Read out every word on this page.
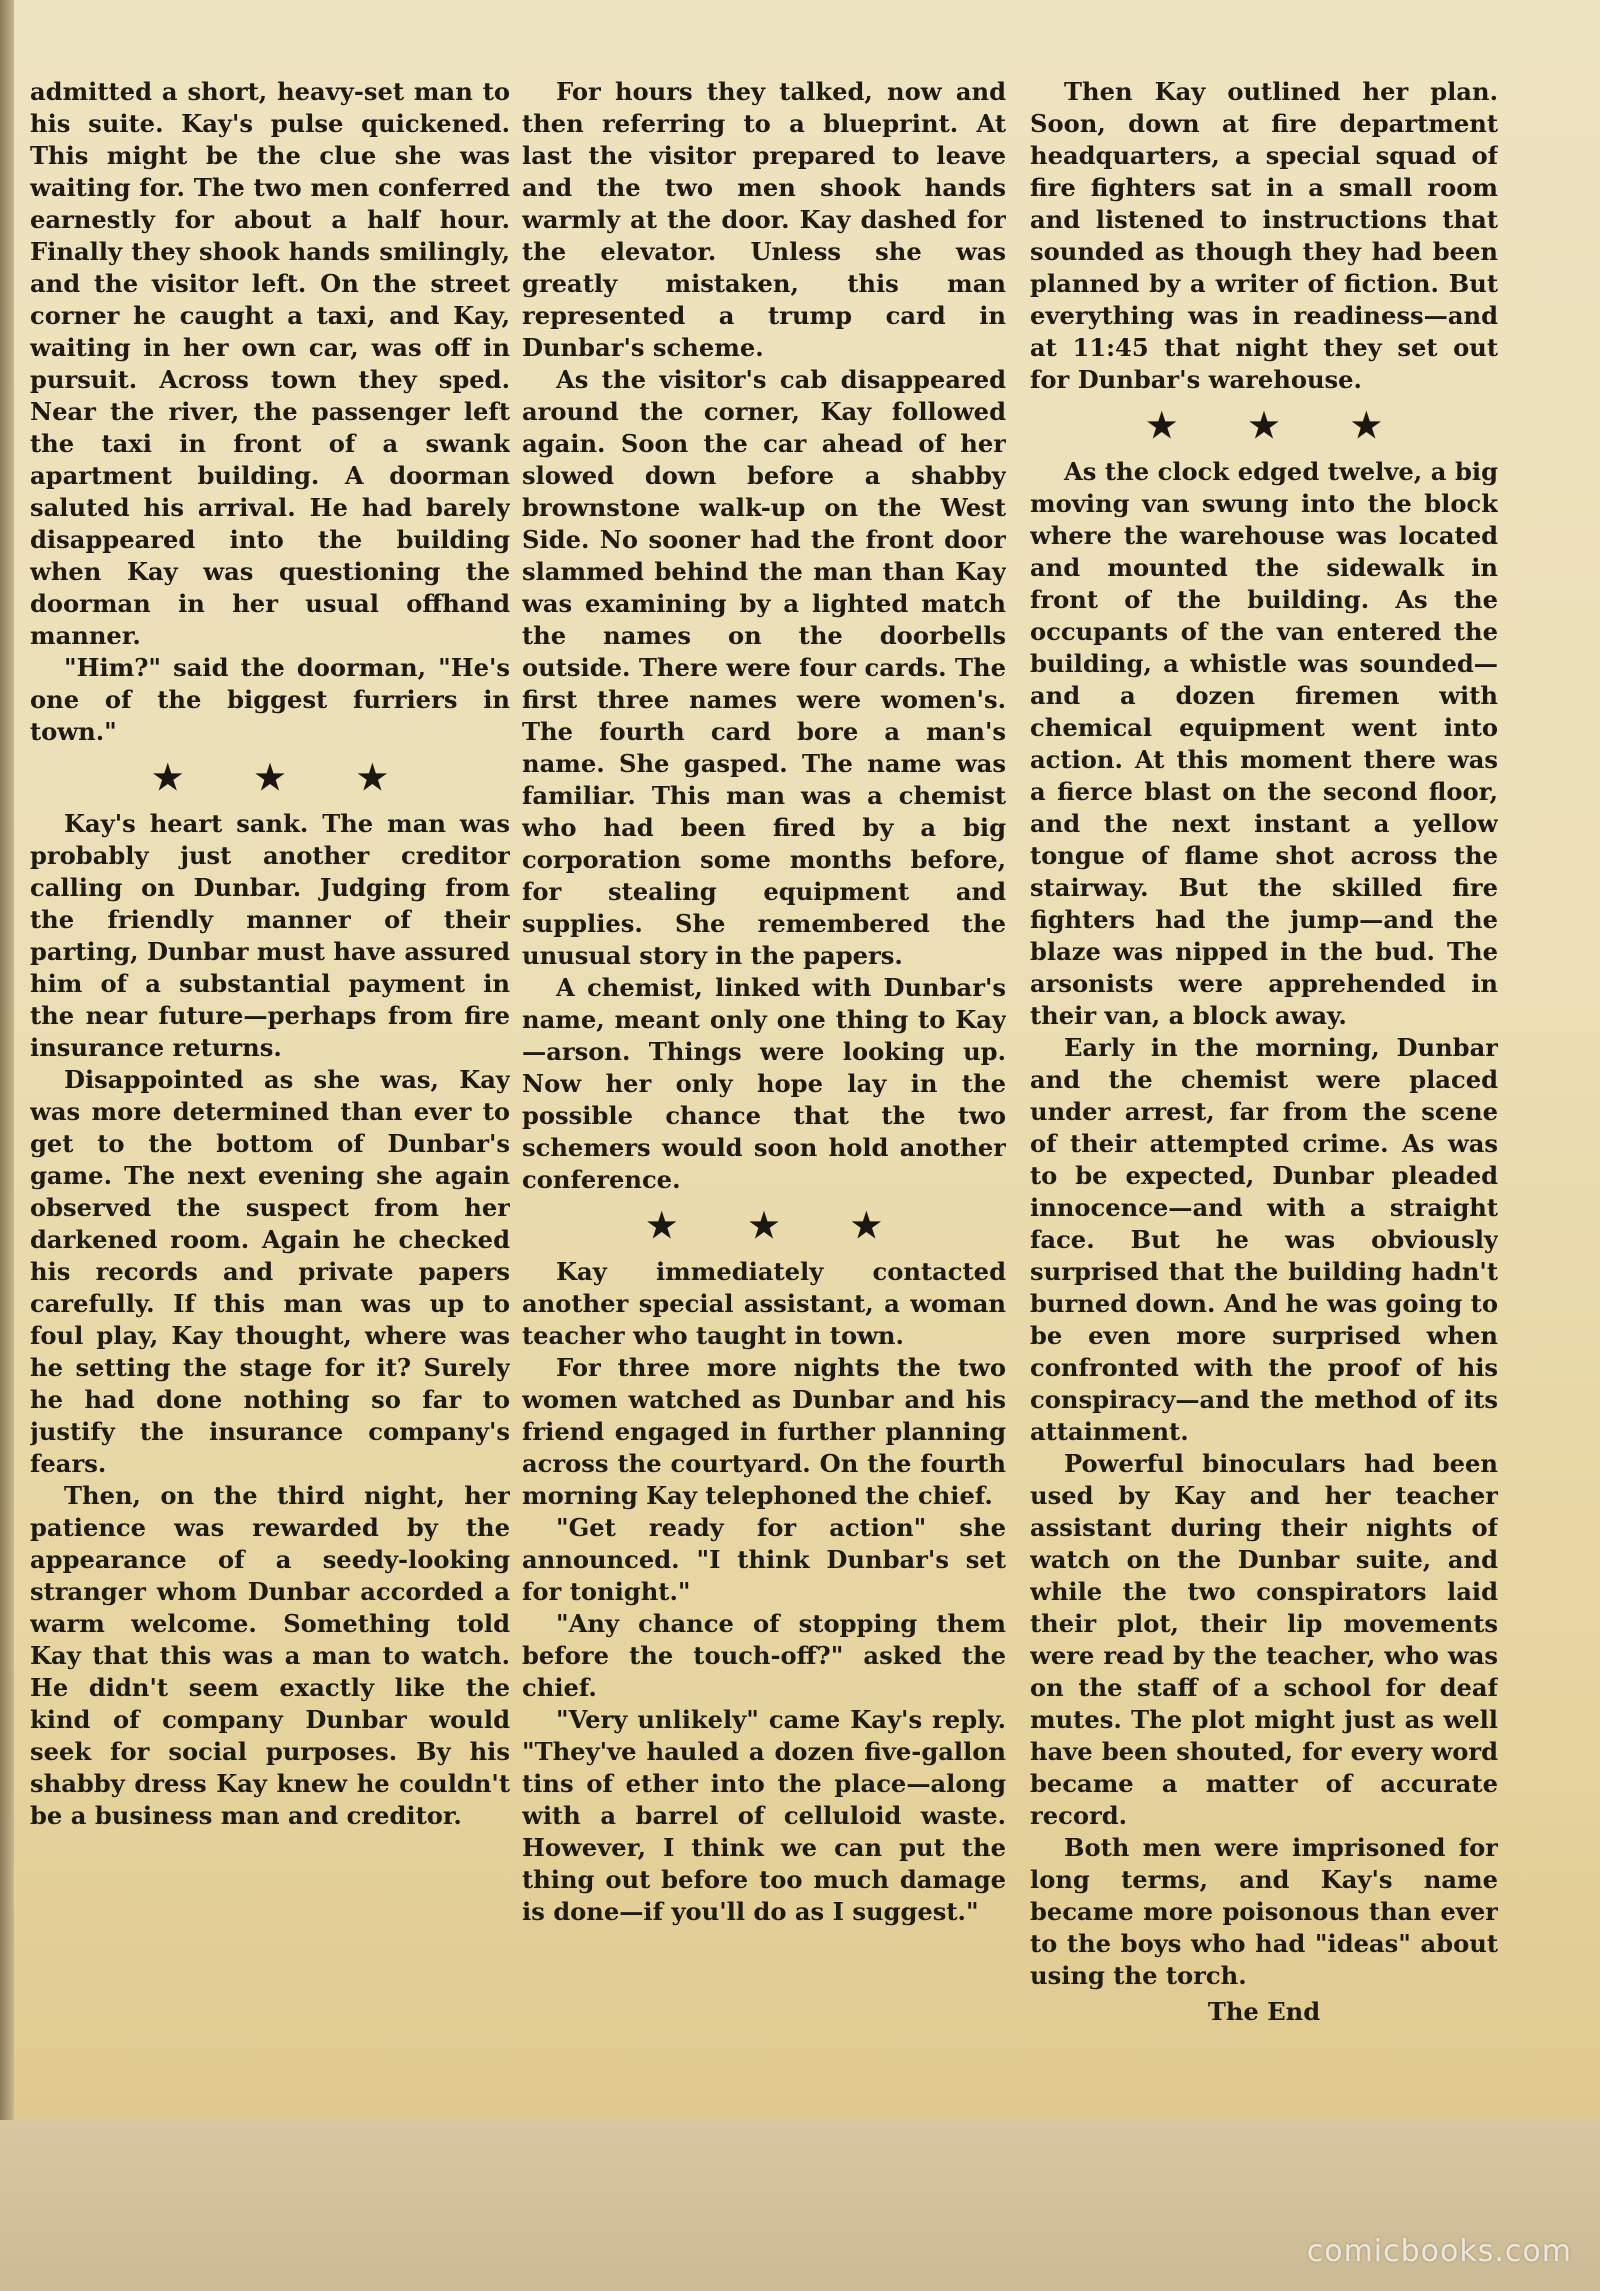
admitted a short, heavy-set man to his suite. Kay's pulse quickened. This might be the clue she was waiting for. The two men conferred earnestly for about a half hour. Finally they shook hands smilingly, and the visitor left. On the street corner he caught a taxi, and Kay, waiting in her own car, was off in pursuit. Across town they sped. Near the river, the passenger left the taxi in front of a swank apartment building. A doorman saluted his arrival. He had barely disappeared into the building when Kay was questioning the doorman in her usual offhand manner.

"Him?" said the doorman, "He's one of the biggest furriers in town."

★ ★ ★

Kay's heart sank. The man was probably just another creditor calling on Dunbar. Judging from the friendly manner of their parting, Dunbar must have assured him of a substantial payment in the near future—perhaps from fire insurance returns.

Disappointed as she was, Kay was more determined than ever to get to the bottom of Dunbar's game. The next evening she again observed the suspect from her darkened room. Again he checked his records and private papers carefully. If this man was up to foul play, Kay thought, where was he setting the stage for it? Surely he had done nothing so far to justify the insurance company's fears.

Then, on the third night, her patience was rewarded by the appearance of a seedy-looking stranger whom Dunbar accorded a warm welcome. Something told Kay that this was a man to watch. He didn't seem exactly like the kind of company Dunbar would seek for social purposes. By his shabby dress Kay knew he couldn't be a business man and creditor.

For hours they talked, now and then referring to a blueprint. At last the visitor prepared to leave and the two men shook hands warmly at the door. Kay dashed for the elevator. Unless she was greatly mistaken, this man represented a trump card in Dunbar's scheme.

As the visitor's cab disappeared around the corner, Kay followed again. Soon the car ahead of her slowed down before a shabby brownstone walk-up on the West Side. No sooner had the front door slammed behind the man than Kay was examining by a lighted match the names on the doorbells outside. There were four cards. The first three names were women's. The fourth card bore a man's name. She gasped. The name was familiar. This man was a chemist who had been fired by a big corporation some months before, for stealing equipment and supplies. She remembered the unusual story in the papers.

A chemist, linked with Dunbar's name, meant only one thing to Kay—arson. Things were looking up. Now her only hope lay in the possible chance that the two schemers would soon hold another conference.

★ ★ ★

Kay immediately contacted another special assistant, a woman teacher who taught in town.

For three more nights the two women watched as Dunbar and his friend engaged in further planning across the courtyard. On the fourth morning Kay telephoned the chief.

"Get ready for action" she announced. "I think Dunbar's set for tonight."

"Any chance of stopping them before the touch-off?" asked the chief.

"Very unlikely" came Kay's reply. "They've hauled a dozen five-gallon tins of ether into the place—along with a barrel of celluloid waste. However, I think we can put the thing out before too much damage is done—if you'll do as I suggest."

Then Kay outlined her plan. Soon, down at fire department headquarters, a special squad of fire fighters sat in a small room and listened to instructions that sounded as though they had been planned by a writer of fiction. But everything was in readiness—and at 11:45 that night they set out for Dunbar's warehouse.

★ ★ ★

As the clock edged twelve, a big moving van swung into the block where the warehouse was located and mounted the sidewalk in front of the building. As the occupants of the van entered the building, a whistle was sounded—and a dozen firemen with chemical equipment went into action. At this moment there was a fierce blast on the second floor, and the next instant a yellow tongue of flame shot across the stairway. But the skilled fire fighters had the jump—and the blaze was nipped in the bud. The arsonists were apprehended in their van, a block away.

Early in the morning, Dunbar and the chemist were placed under arrest, far from the scene of their attempted crime. As was to be expected, Dunbar pleaded innocence—and with a straight face. But he was obviously surprised that the building hadn't burned down. And he was going to be even more surprised when confronted with the proof of his conspiracy—and the method of its attainment.

Powerful binoculars had been used by Kay and her teacher assistant during their nights of watch on the Dunbar suite, and while the two conspirators laid their plot, their lip movements were read by the teacher, who was on the staff of a school for deaf mutes. The plot might just as well have been shouted, for every word became a matter of accurate record.

Both men were imprisoned for long terms, and Kay's name became more poisonous than ever to the boys who had "ideas" about using the torch.

The End
comicbooks.com
